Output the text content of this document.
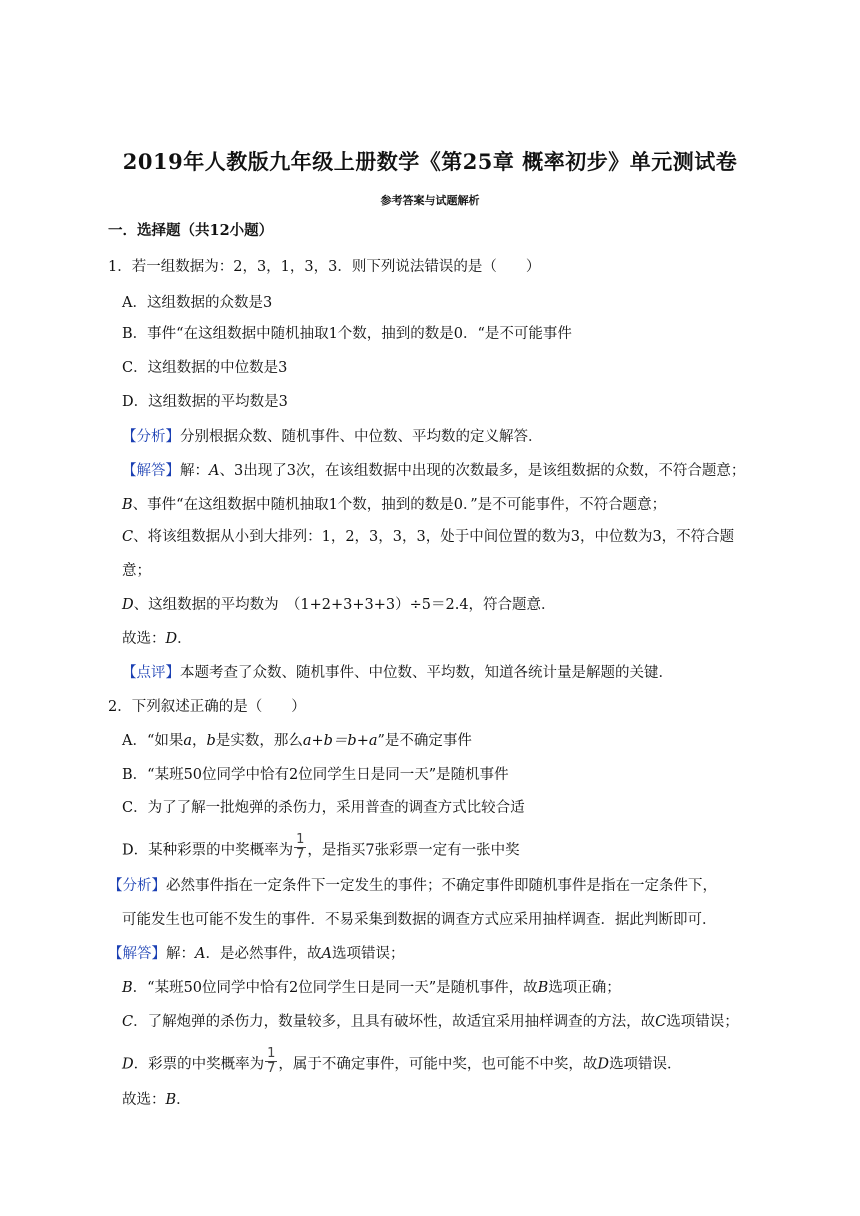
2019年人教版九年级上册数学《第25章 概率初步》单元测试卷
参考答案与试题解析
一．选择题（共12小题）
1．若一组数据为：2，3，1，3，3．则下列说法错误的是（　　）
A．这组数据的众数是3
B．事件“在这组数据中随机抽取1个数，抽到的数是0．“是不可能事件
C．这组数据的中位数是3
D．这组数据的平均数是3
【分析】分别根据众数、随机事件、中位数、平均数的定义解答．
【解答】解：A、3出现了3次，在该组数据中出现的次数最多，是该组数据的众数，不符合题意；
B、事件“在这组数据中随机抽取1个数，抽到的数是0．”是不可能事件，不符合题意；
C、将该组数据从小到大排列：1，2，3，3，3，处于中间位置的数为3，中位数为3，不符合题
意；
D、这组数据的平均数为　（1+2+3+3+3）÷5＝2.4，符合题意．
故选：D．
【点评】本题考查了众数、随机事件、中位数、平均数，知道各统计量是解题的关键．
2．下列叙述正确的是（　　）
A．“如果a，b是实数，那么a+b＝b+a”是不确定事件
B．“某班50位同学中恰有2位同学生日是同一天”是随机事件
C．为了了解一批炮弹的杀伤力，采用普查的调查方式比较合适
D．某种彩票的中奖概率为 $\frac{1}{7}$ ，是指买7张彩票一定有一张中奖
【分析】必然事件指在一定条件下一定发生的事件；不确定事件即随机事件是指在一定条件下，
可能发生也可能不发生的事件．不易采集到数据的调查方式应采用抽样调查．据此判断即可．
【解答】解：A．是必然事件，故A选项错误；
B．“某班50位同学中恰有2位同学生日是同一天”是随机事件，故B选项正确；
C．了解炮弹的杀伤力，数量较多，且具有破坏性，故适宜采用抽样调查的方法，故C选项错误；
D．彩票的中奖概率为 $\frac{1}{7}$ ，属于不确定事件，可能中奖，也可能不中奖，故D选项错误．
故选：B．
